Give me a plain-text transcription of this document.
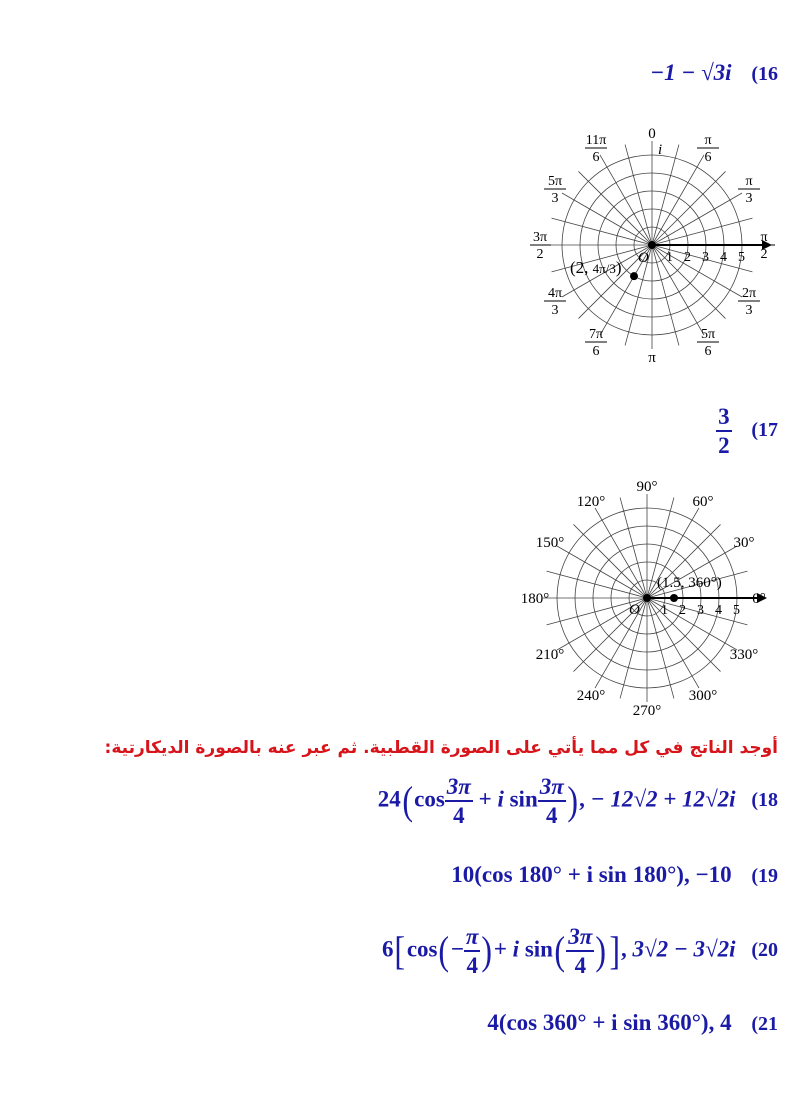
−1 − √3i (16
π
2
π
3
π
6
0
11π
6
5π
3
3π
2
4π
3
7π
6	π
5π
6
2π
3
1 2 3 4 5
O
i
(2, 4π/3)
$\frac{3}{2} (17$
0°
30°
60°
90°
120°
150°
180°
210°
240°
270°
300°
330°
1 2 3 4 5
O
(1.5, 360°)
أوجد الناتج في كل مما يأتي على الصورة القطبية. ثم عبر عنه بالصورة الديكارتية:
$24(\cos \frac{3\pi}{4} + i$ $\sin \frac{3\pi}{4}$ ), − 12√2 + 12√2i (18
10(cos 180° + i sin 180°), −10 (19
$6[\cos(- \frac{\pi}{4}$ )+ i $\sin( \frac{3\pi}{4}$ )], 3√2 − 3√2i (20
4(cos 360° + i sin 360°), 4 (21
